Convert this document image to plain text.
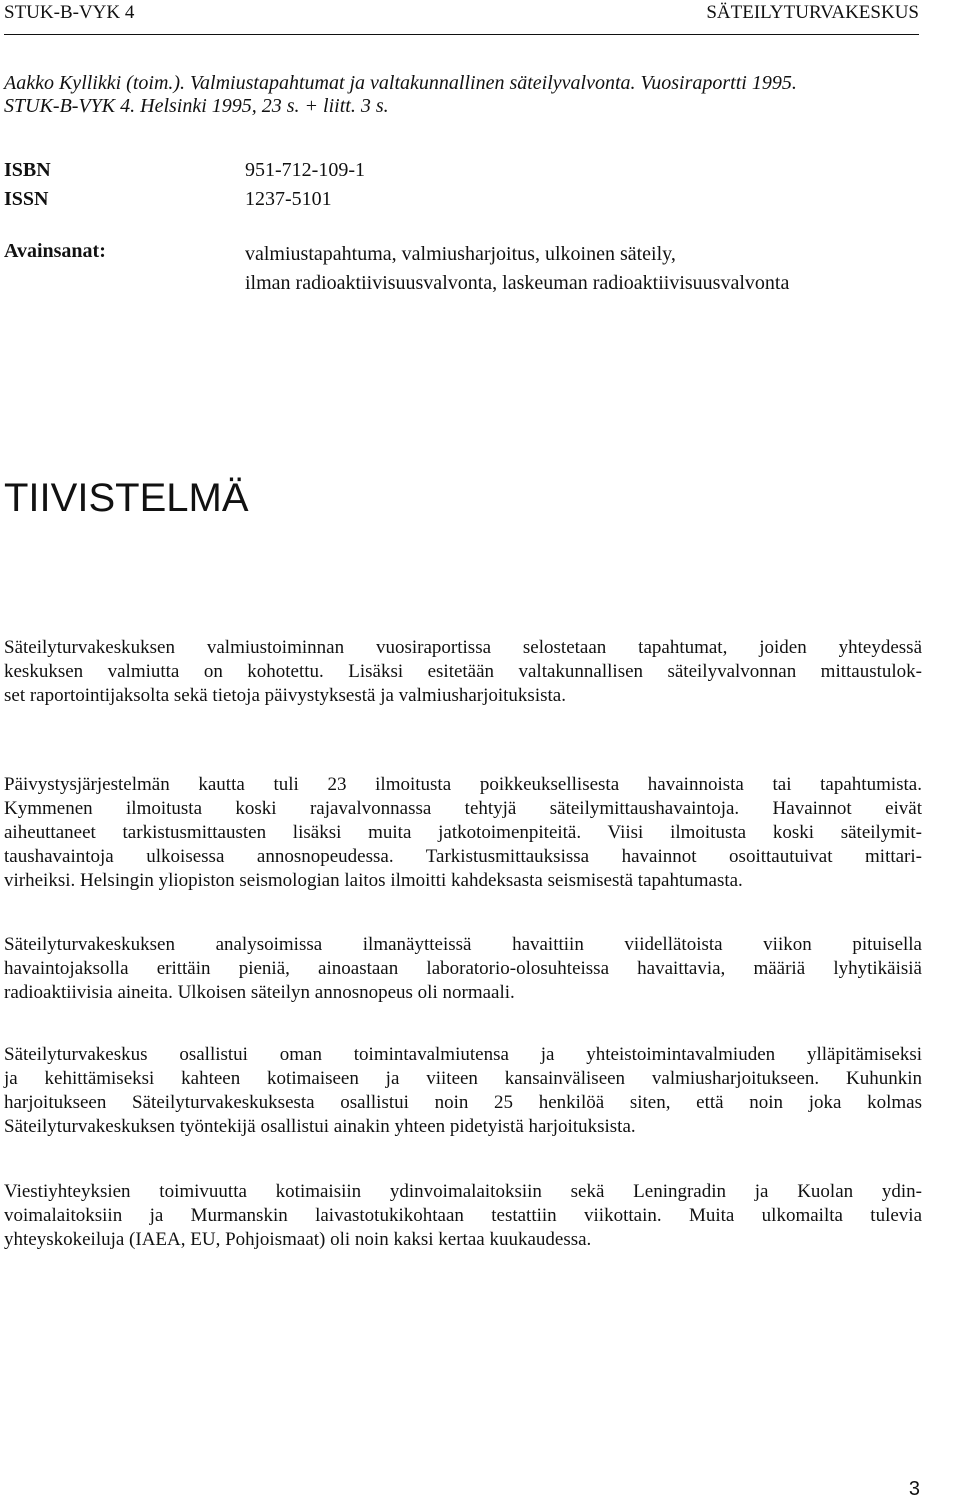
STUK-B-VYK 4	SÄTEILYTURVAKESKUS
Aakko Kyllikki (toim.). Valmiustapahtumat ja valtakunnallinen säteilyvalvonta. Vuosiraportti 1995.
STUK-B-VYK 4. Helsinki 1995, 23 s. + liitt. 3 s.
ISBN	951-712-109-1
ISSN	1237-5101
Avainsanat:	valmiustapahtuma, valmiusharjoitus, ulkoinen säteily,
ilman radioaktiivisuusvalvonta, laskeuman radioaktiivisuusvalvonta
TIIVISTELMÄ
Säteilyturvakeskuksen valmiustoiminnan vuosiraportissa selostetaan tapahtumat, joiden yhteydessä
keskuksen valmiutta on kohotettu. Lisäksi esitetään valtakunnallisen säteilyvalvonnan mittaustulok-
set raportointijaksolta sekä tietoja päivystyksestä ja valmiusharjoituksista.
Päivystysjärjestelmän kautta tuli 23 ilmoitusta poikkeuksellisesta havainnoista tai tapahtumista.
Kymmenen ilmoitusta koski rajavalvonnassa tehtyjä säteilymittaushavaintoja. Havainnot eivät
aiheuttaneet tarkistusmittausten lisäksi muita jatkotoimenpiteitä. Viisi ilmoitusta koski säteilymit-
taushavaintoja ulkoisessa annosnopeudessa. Tarkistusmittauksissa havainnot osoittautuivat mittari-
virheiksi. Helsingin yliopiston seismologian laitos ilmoitti kahdeksasta seismisestä tapahtumasta.
Säteilyturvakeskuksen analysoimissa ilmanäytteissä havaittiin viidellätoista viikon pituisella
havaintojaksolla erittäin pieniä, ainoastaan laboratorio-olosuhteissa havaittavia, määriä lyhytikäisiä
radioaktiivisia aineita. Ulkoisen säteilyn annosnopeus oli normaali.
Säteilyturvakeskus osallistui oman toimintavalmiutensa ja yhteistoimintavalmiuden ylläpitämiseksi
ja kehittämiseksi kahteen kotimaiseen ja viiteen kansainväliseen valmiusharjoitukseen. Kuhunkin
harjoitukseen Säteilyturvakeskuksesta osallistui noin 25 henkilöä siten, että noin joka kolmas
Säteilyturvakeskuksen työntekijä osallistui ainakin yhteen pidetyistä harjoituksista.
Viestiyhteyksien toimivuutta kotimaisiin ydinvoimalaitoksiin sekä Leningradin ja Kuolan ydin-
voimalaitoksiin ja Murmanskin laivastotukikohtaan testattiin viikottain. Muita ulkomailta tulevia
yhteyskokeiluja (IAEA, EU, Pohjoismaat) oli noin kaksi kertaa kuukaudessa.
3
